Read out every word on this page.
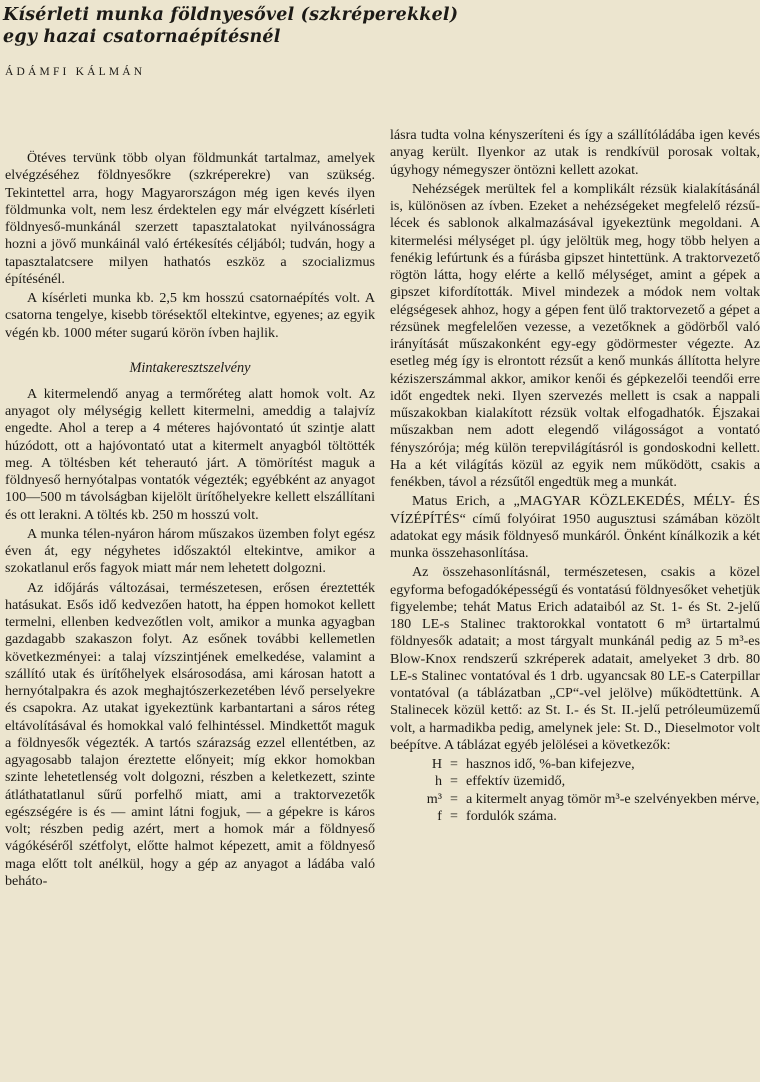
Kísérleti munka földnyesővel (szkréperekkel)
egy hazai csatornaépítésnél
ÁDÁMFI KÁLMÁN

Ötéves tervünk több olyan földmunkát tartalmaz, amelyek elvégzéséhez földnyesőkre (szkréperekre) van szükség. Tekintettel arra, hogy Magyarországon még igen kevés ilyen földmunka volt, nem lesz érdektelen egy már elvégzett kísérleti földnyeső-munkánál szerzett tapasztalatokat nyilvánosságra hozni a jövő munkáinál való értékesítés céljából; tudván, hogy a tapasztalatcsere milyen hathatós eszköz a szocializmus építésénél.

A kísérleti munka kb. 2,5 km hosszú csatornaépítés volt. A csatorna tengelye, kisebb törésektől eltekintve, egyenes; az egyik végén kb. 1000 méter sugarú körön ívben hajlik.

Mintakeresztszelvény

A kitermelendő anyag a termőréteg alatt homok volt. Az anyagot oly mélységig kellett kitermelni, ameddig a talajvíz engedte. Ahol a terep a 4 méteres hajóvontató út szintje alatt húzódott, ott a hajóvontató utat a kitermelt anyagból töltötték meg. A töltésben két teherautó járt. A tömörítést maguk a földnyeső hernyótalpas vontatók végezték; egyébként az anyagot 100—500 m távolságban kijelölt ürítőhelyekre kellett elszállítani és ott lerakni. A töltés kb. 250 m hosszú volt.

A munka télen-nyáron három műszakos üzemben folyt egész éven át, egy négyhetes időszaktól eltekintve, amikor a szokatlanul erős fagyok miatt már nem lehetett dolgozni.

Az időjárás változásai, természetesen, erősen éreztették hatásukat. Esős idő kedvezően hatott, ha éppen homokot kellett termelni, ellenben kedvezőtlen volt, amikor a munka agyagban gazdagabb szakaszon folyt. Az esőnek további kellemetlen következményei: a talaj vízszintjének emelkedése, valamint a szállító utak és ürítőhelyek elsárosodása, ami károsan hatott a hernyótalpakra és azok meghajtószerkezetében lévő perselyekre és csapokra. Az utakat igyekeztünk karbantartani a sáros réteg eltávolításával és homokkal való felhintéssel. Mindkettőt maguk a földnyesők végezték. A tartós szárazság ezzel ellentétben, az agyagosabb talajon éreztette előnyeit; míg ekkor homokban szinte lehetetlenség volt dolgozni, részben a keletkezett, szinte átláthatatlanul sűrű porfelhő miatt, ami a traktorvezetők egészségére is és — amint látni fogjuk, — a gépekre is káros volt; részben pedig azért, mert a homok már a földnyeső vágókéséről szétfolyt, előtte halmot képezett, amit a földnyeső maga előtt tolt anélkül, hogy a gép az anyagot a ládába való beháto-

lásra tudta volna kényszeríteni és így a szállítóládába igen kevés anyag került. Ilyenkor az utak is rendkívül porosak voltak, úgyhogy némegyszer öntözni kellett azokat.

Nehézségek merültek fel a komplikált rézsük kialakításánál is, különösen az ívben. Ezeket a nehézségeket megfelelő rézsű-lécek és sablonok alkalmazásával igyekeztünk megoldani. A kitermelési mélységet pl. úgy jelöltük meg, hogy több helyen a fenékig lefúrtunk és a fúrásba gipszet hintettünk. A traktorvezető rögtön látta, hogy elérte a kellő mélységet, amint a gépek a gipszet kifordították. Mivel mindezek a módok nem voltak elégségesek ahhoz, hogy a gépen fent ülő traktorvezető a gépet a rézsünek megfelelően vezesse, a vezetőknek a gödörből való irányítását műszakonként egy-egy gödörmester végezte. Az esetleg még így is elrontott rézsűt a kenő munkás állította helyre kéziszerszámmal akkor, amikor kenői és gépkezelői teendői erre időt engedtek neki. Ilyen szervezés mellett is csak a nappali műszakokban kialakított rézsük voltak elfogadhatók. Éjszakai műszakban nem adott elegendő világosságot a vontató fényszórója; még külön terepvilágításról is gondoskodni kellett. Ha a két világítás közül az egyik nem működött, csakis a fenékben, távol a rézsűtől engedtük meg a munkát.

Matus Erich, a „MAGYAR KÖZLEKEDÉS, MÉLY- ÉS VÍZÉPÍTÉS“ című folyóirat 1950 augusztusi számában közölt adatokat egy másik földnyeső munkáról. Önként kínálkozik a két munka összehasonlítása.

Az összehasonlításnál, természetesen, csakis a közel egyforma befogadóképességű és vontatású földnyesőket vehetjük figyelembe; tehát Matus Erich adataiból az St. 1- és St. 2-jelű 180 LE-s Stalinec traktorokkal vontatott 6 m³ ürtartalmú földnyesők adatait; a most tárgyalt munkánál pedig az 5 m³-es Blow-Knox rendszerű szkréperek adatait, amelyeket 3 drb. 80 LE-s Stalinec vontatóval és 1 drb. ugyancsak 80 LE-s Caterpillar vontatóval (a táblázatban „CP“-vel jelölve) működtettünk. A Stalinecek közül kettő: az St. I.- és St. II.-jelű petróleumüzemű volt, a harmadikba pedig, amelynek jele: St. D., Dieselmotor volt beépítve. A táblázat egyéb jelölései a következők:

H = hasznos idő, %-ban kifejezve,
h = effektív üzemidő,
m³ = a kitermelt anyag tömör m³-e szelvényekben mérve,
f = fordulók száma.
